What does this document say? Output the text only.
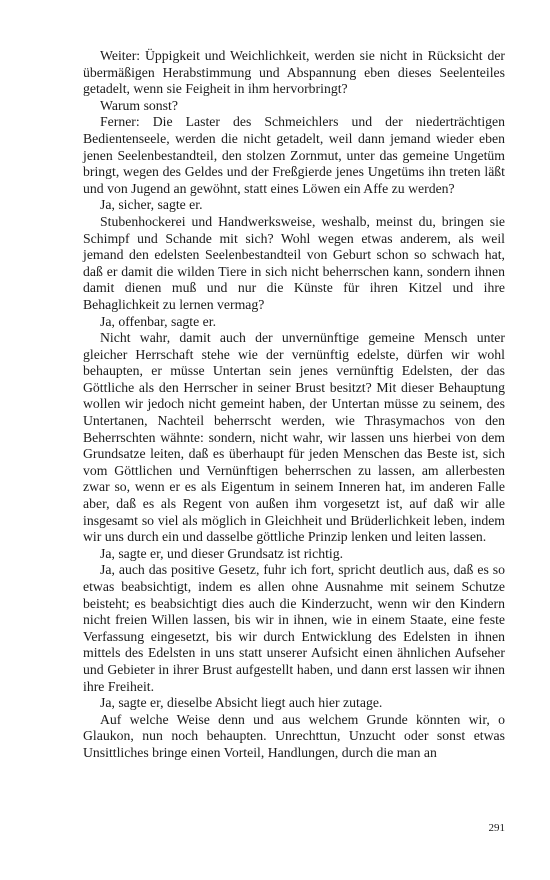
Weiter: Üppigkeit und Weichlichkeit, werden sie nicht in Rücksicht der übermäßigen Herabstimmung und Abspannung eben dieses Seelenteiles getadelt, wenn sie Feigheit in ihm hervorbringt?

Warum sonst?

Ferner: Die Laster des Schmeichlers und der niederträchtigen Bedientenseele, werden die nicht getadelt, weil dann jemand wieder eben jenen Seelenbestandteil, den stolzen Zornmut, unter das gemeine Ungetüm bringt, wegen des Geldes und der Freßgierde jenes Ungetüms ihn treten läßt und von Jugend an gewöhnt, statt eines Löwen ein Affe zu werden?

Ja, sicher, sagte er.

Stubenhockerei und Handwerksweise, weshalb, meinst du, bringen sie Schimpf und Schande mit sich? Wohl wegen etwas anderem, als weil jemand den edelsten Seelenbestandteil von Geburt schon so schwach hat, daß er damit die wilden Tiere in sich nicht beherrschen kann, sondern ihnen damit dienen muß und nur die Künste für ihren Kitzel und ihre Behaglichkeit zu lernen vermag?

Ja, offenbar, sagte er.

Nicht wahr, damit auch der unvernünftige gemeine Mensch unter gleicher Herrschaft stehe wie der vernünftig edelste, dürfen wir wohl behaupten, er müsse Untertan sein jenes vernünftig Edelsten, der das Göttliche als den Herrscher in seiner Brust besitzt? Mit dieser Behauptung wollen wir jedoch nicht gemeint haben, der Untertan müsse zu seinem, des Untertanen, Nachteil beherrscht werden, wie Thrasymachos von den Beherrschten wähnte: sondern, nicht wahr, wir lassen uns hierbei von dem Grundsatze leiten, daß es überhaupt für jeden Menschen das Beste ist, sich vom Göttlichen und Vernünftigen beherrschen zu lassen, am allerbesten zwar so, wenn er es als Eigentum in seinem Inneren hat, im anderen Falle aber, daß es als Regent von außen ihm vorgesetzt ist, auf daß wir alle insgesamt so viel als möglich in Gleichheit und Brüderlichkeit leben, indem wir uns durch ein und dasselbe göttliche Prinzip lenken und leiten lassen.

Ja, sagte er, und dieser Grundsatz ist richtig.

Ja, auch das positive Gesetz, fuhr ich fort, spricht deutlich aus, daß es so etwas beabsichtigt, indem es allen ohne Ausnahme mit seinem Schutze beisteht; es beabsichtigt dies auch die Kinderzucht, wenn wir den Kindern nicht freien Willen lassen, bis wir in ihnen, wie in einem Staate, eine feste Verfassung eingesetzt, bis wir durch Entwicklung des Edelsten in ihnen mittels des Edelsten in uns statt unserer Aufsicht einen ähnlichen Aufseher und Gebieter in ihrer Brust aufgestellt haben, und dann erst lassen wir ihnen ihre Freiheit.

Ja, sagte er, dieselbe Absicht liegt auch hier zutage.

Auf welche Weise denn und aus welchem Grunde könnten wir, o Glaukon, nun noch behaupten. Unrechttun, Unzucht oder sonst etwas Unsittliches bringe einen Vorteil, Handlungen, durch die man an

291
